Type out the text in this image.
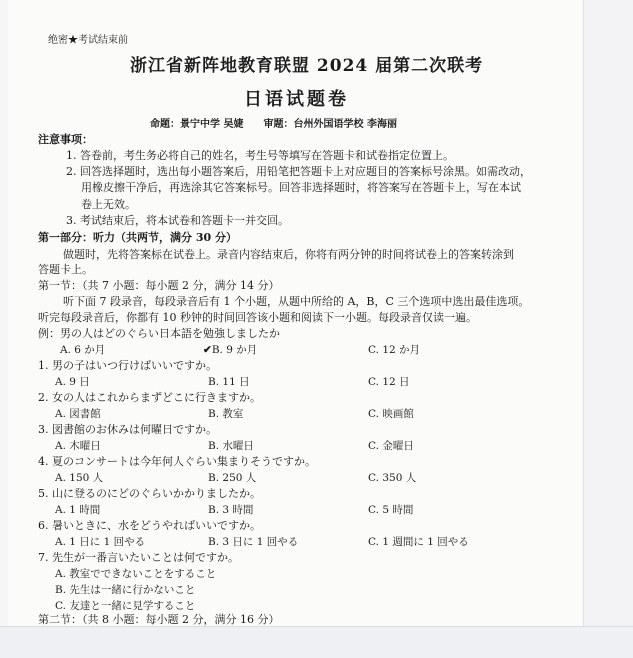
绝密★考试结束前
浙江省新阵地教育联盟 2024 届第二次联考
日语试题卷
命题：景宁中学 吴婕 审题：台州外国语学校 李海丽
注意事项：
1. 答卷前，考生务必将自己的姓名，考生号等填写在答题卡和试卷指定位置上。
2. 回答选择题时，选出每小题答案后，用铅笔把答题卡上对应题目的答案标号涂黑。如需改动，
用橡皮擦干净后，再选涂其它答案标号。回答非选择题时，将答案写在答题卡上，写在本试
卷上无效。
3. 考试结束后，将本试卷和答题卡一并交回。
第一部分：听力（共两节，满分 30 分）
做题时，先将答案标在试卷上。录音内容结束后，你将有两分钟的时间将试卷上的答案转涂到
答题卡上。
第一节：（共 7 小题：每小题 2 分，满分 14 分）
听下面 7 段录音，每段录音后有 1 个小题，从题中所给的 A，B，C 三个选项中选出最佳选项。
听完每段录音后，你都有 10 秒钟的时间回答该小题和阅读下一小题。每段录音仅读一遍。
例：男の人はどのぐらい日本語を勉強しましたか
A. 6 か月	✔B. 9 か月	C. 12 か月
1. 男の子はいつ行けばいいですか。
A. 9 日	B. 11 日	C. 12 日
2. 女の人はこれからまずどこに行きますか。
A. 図書館	B. 教室	C. 映画館
3. 図書館のお休みは何曜日ですか。
A. 木曜日	B. 水曜日	C. 金曜日
4. 夏のコンサートは今年何人ぐらい集まりそうですか。
A. 150 人	B. 250 人	C. 350 人
5. 山に登るのにどのぐらいかかりましたか。
A. 1 時間	B. 3 時間	C. 5 時間
6. 暑いときに、水をどうやればいいですか。
A. 1 日に 1 回やる	B. 3 日に 1 回やる	C. 1 週間に 1 回やる
7. 先生が一番言いたいことは何ですか。
A. 教室でできないことをすること
B. 先生は一緒に行かないこと
C. 友達と一緒に見学すること
第二节：（共 8 小题：每小题 2 分，满分 16 分）
